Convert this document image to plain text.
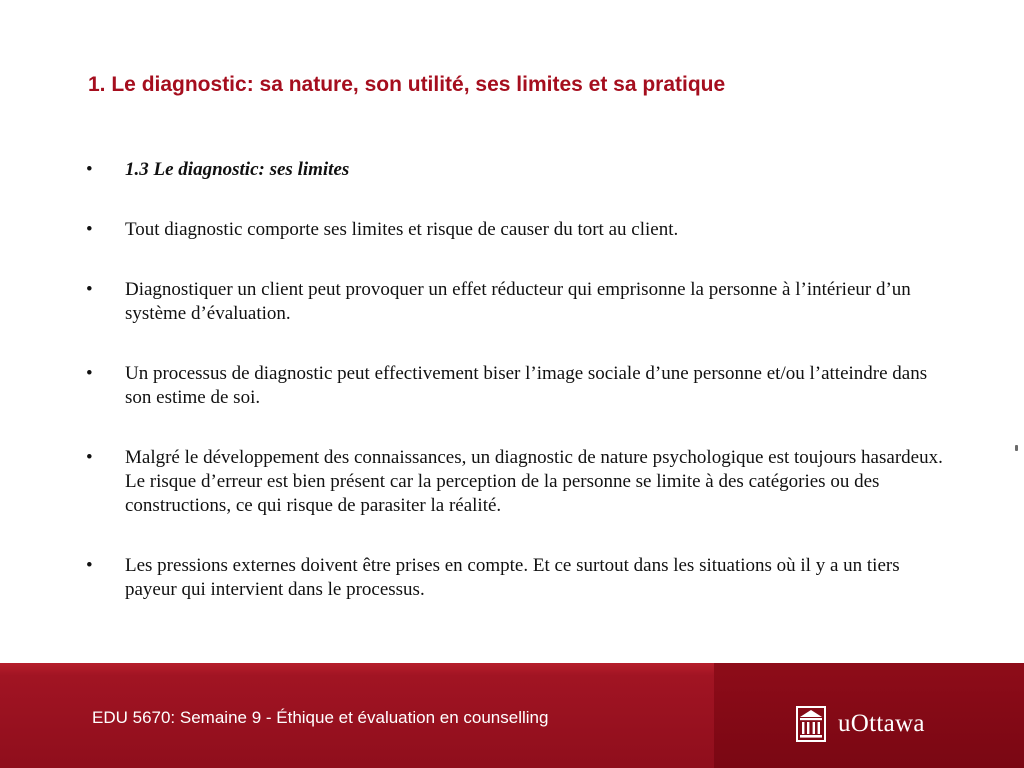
1. Le diagnostic: sa nature, son utilité, ses limites et sa pratique
•	1.3 Le diagnostic: ses limites
•	Tout diagnostic comporte ses limites et risque de causer du tort au client.
•	Diagnostiquer un client peut provoquer un effet réducteur qui emprisonne la personne à l’intérieur d’un système d’évaluation.
•	Un processus de diagnostic peut effectivement biser l’image sociale d’une personne et/ou l’atteindre dans son estime de soi.
•	Malgré le développement des connaissances, un diagnostic de nature psychologique est toujours hasardeux. Le risque d’erreur est bien présent car la perception de la personne se limite à des catégories ou des constructions, ce qui risque de parasiter la réalité.
•	Les pressions externes doivent être prises en compte. Et ce surtout dans les situations où il y a un tiers payeur qui intervient dans le processus.
EDU 5670: Semaine 9 - Éthique et évaluation en counselling	uOttawa
